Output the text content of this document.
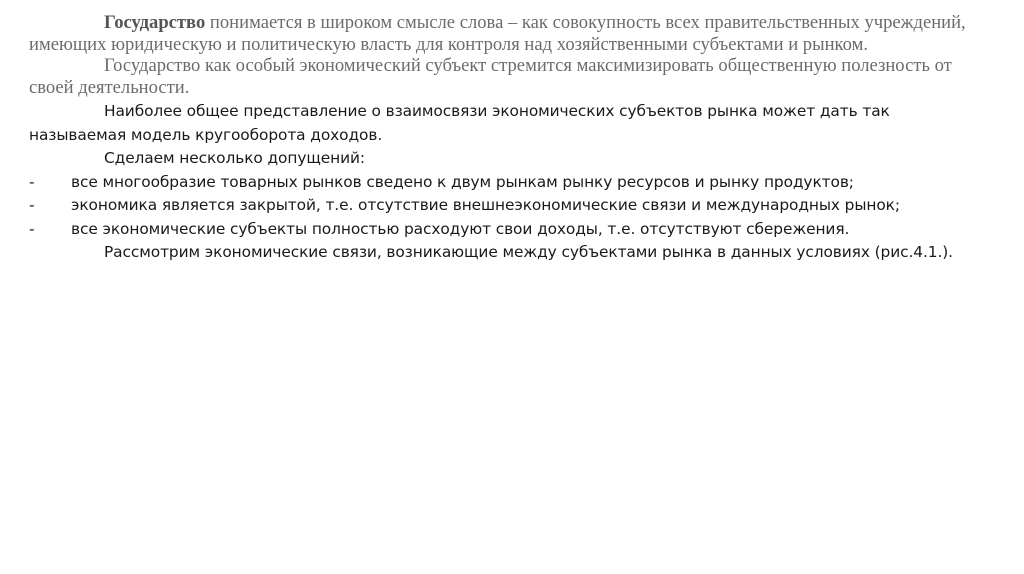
Государство понимается в широком смысле слова – как совокупность всех правительственных учреждений, имеющих юридическую и политическую власть для контроля над хозяйственными субъектами и рынком.

Государство как особый экономический субъект стремится максимизировать общественную полезность от своей деятельности.

Наиболее общее представление о взаимосвязи экономических субъектов рынка может дать так называемая модель кругооборота доходов.

Сделаем несколько допущений:

-	все многообразие товарных рынков сведено к двум рынкам рынку ресурсов и рынку продуктов;
-	экономика является закрытой, т.е. отсутствие внешнеэкономические связи и международных рынок;
-	все экономические субъекты полностью расходуют свои доходы, т.е. отсутствуют сбережения.

Рассмотрим экономические связи, возникающие между субъектами рынка в данных условиях (рис.4.1.).
